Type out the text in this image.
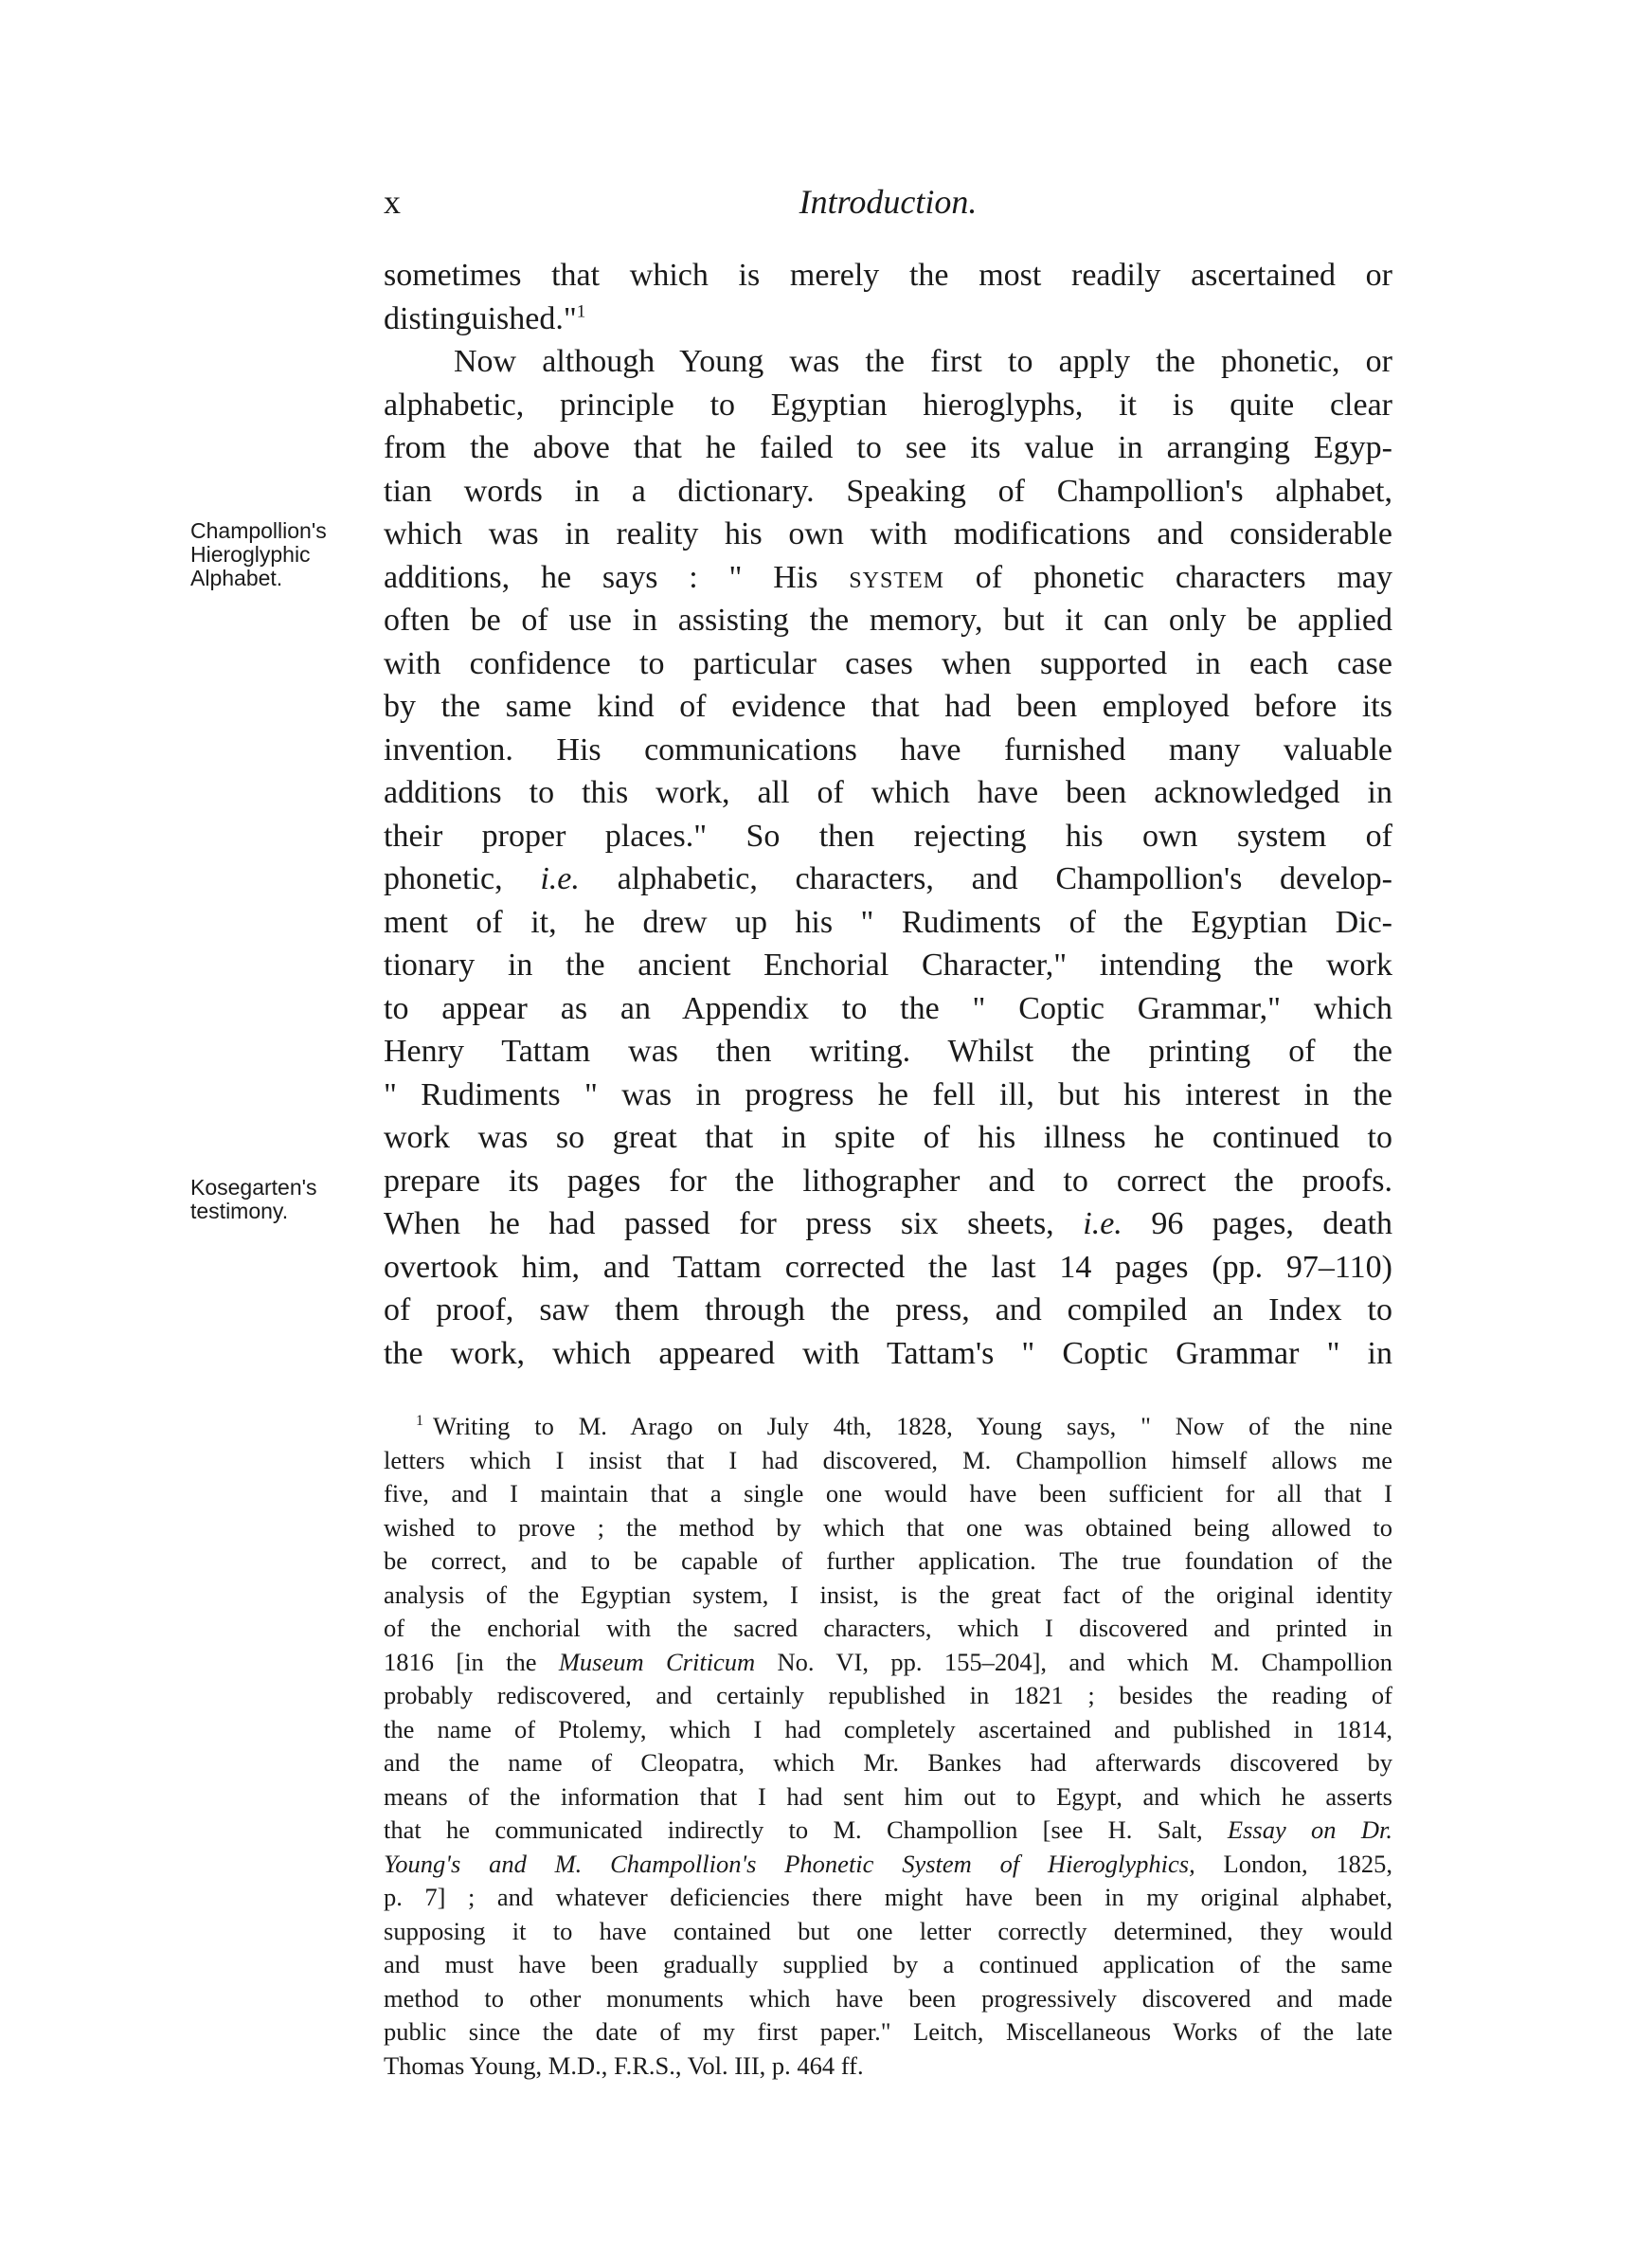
x	Introduction.
Champollion's
Hieroglyphic
Alphabet.
Kosegarten's
testimony.
sometimes that which is merely the most readily ascertained or
distinguished."$^1$
Now although Young was the first to apply the phonetic, or
alphabetic, principle to Egyptian hieroglyphs, it is quite clear
from the above that he failed to see its value in arranging Egyp-
tian words in a dictionary. Speaking of Champollion's alphabet,
which was in reality his own with modifications and considerable
additions, he says : " His system of phonetic characters may
often be of use in assisting the memory, but it can only be applied
with confidence to particular cases when supported in each case
by the same kind of evidence that had been employed before its
invention. His communications have furnished many valuable
additions to this work, all of which have been acknowledged in
their proper places." So then rejecting his own system of
phonetic, i.e. alphabetic, characters, and Champollion's develop-
ment of it, he drew up his " Rudiments of the Egyptian Dic-
tionary in the ancient Enchorial Character," intending the work
to appear as an Appendix to the " Coptic Grammar," which
Henry Tattam was then writing. Whilst the printing of the
" Rudiments " was in progress he fell ill, but his interest in the
work was so great that in spite of his illness he continued to
prepare its pages for the lithographer and to correct the proofs.
When he had passed for press six sheets, i.e. 96 pages, death
overtook him, and Tattam corrected the last 14 pages (pp. 97–110)
of proof, saw them through the press, and compiled an Index to
the work, which appeared with Tattam's " Coptic Grammar " in
$^1$ Writing to M. Arago on July 4th, 1828, Young says, " Now of the nine
letters which I insist that I had discovered, M. Champollion himself allows me
five, and I maintain that a single one would have been sufficient for all that I
wished to prove ; the method by which that one was obtained being allowed to
be correct, and to be capable of further application. The true foundation of the
analysis of the Egyptian system, I insist, is the great fact of the original identity
of the enchorial with the sacred characters, which I discovered and printed in
1816 [in the Museum Criticum No. VI, pp. 155–204], and which M. Champollion
probably rediscovered, and certainly republished in 1821 ; besides the reading of
the name of Ptolemy, which I had completely ascertained and published in 1814,
and the name of Cleopatra, which Mr. Bankes had afterwards discovered by
means of the information that I had sent him out to Egypt, and which he asserts
that he communicated indirectly to M. Champollion [see H. Salt, Essay on Dr.
Young's and M. Champollion's Phonetic System of Hieroglyphics, London, 1825,
p. 7] ; and whatever deficiencies there might have been in my original alphabet,
supposing it to have contained but one letter correctly determined, they would
and must have been gradually supplied by a continued application of the same
method to other monuments which have been progressively discovered and made
public since the date of my first paper." Leitch, Miscellaneous Works of the late
Thomas Young, M.D., F.R.S., Vol. III, p. 464 ff.
